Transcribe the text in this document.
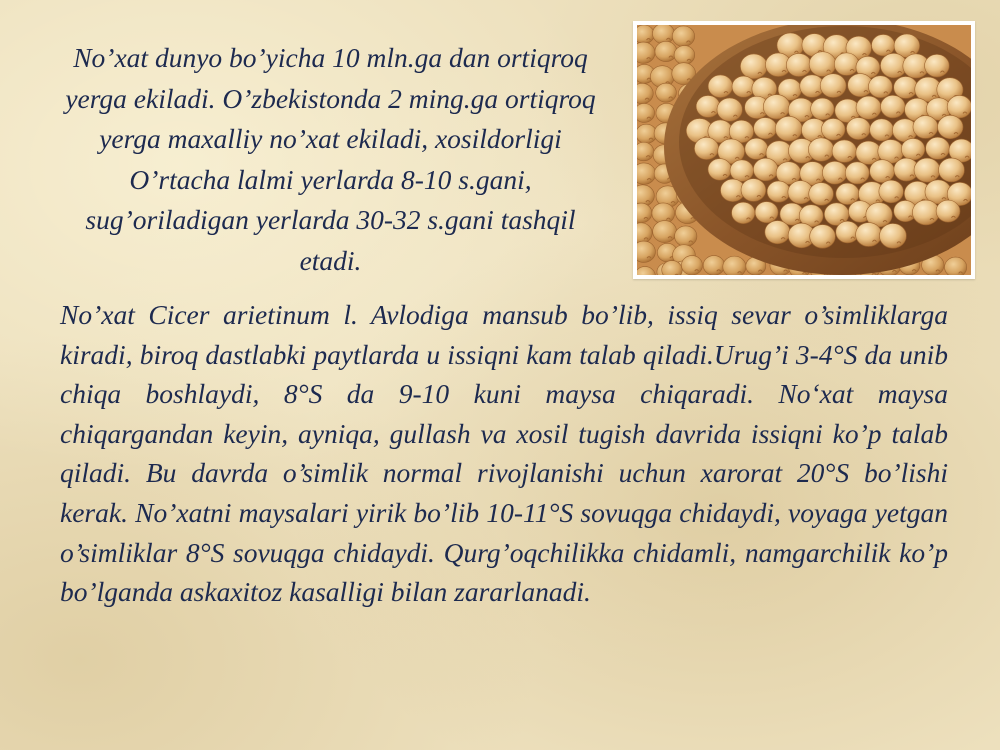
No’xat dunyo bo’yicha 10 mln.ga dan ortiqroq yerga ekiladi. O’zbekistonda 2 ming.ga ortiqroq yerga maxalliy no’xat ekiladi, xosildorligi O’rtacha lalmi yerlarda 8-10 s.gani, sug’oriladigan yerlarda 30-32 s.gani tashqil etadi.

No’xat Cicer arietinum l. Avlodiga mansub bo’lib, issiq sevar o’simliklarga kiradi, biroq dastlabki paytlarda u issiqni kam talab qiladi.Urug’i 3-4°S da unib chiqa boshlaydi, 8°S da 9-10 kuni maysa chiqaradi. No‘xat maysa chiqargandan keyin, ayniqa, gullash va xosil tugish davrida issiqni ko’p talab qiladi. Bu davrda o’simlik normal rivojlanishi uchun xarorat 20°S bo’lishi kerak. No’xatni maysalari yirik bo’lib 10-11°S sovuqga chidaydi, voyaga yetgan o’simliklar 8°S sovuqga chidaydi. Qurg’oqchilikka chidamli, namgarchilik ko’p bo’lganda askaxitoz kasalligi bilan zararlanadi.
